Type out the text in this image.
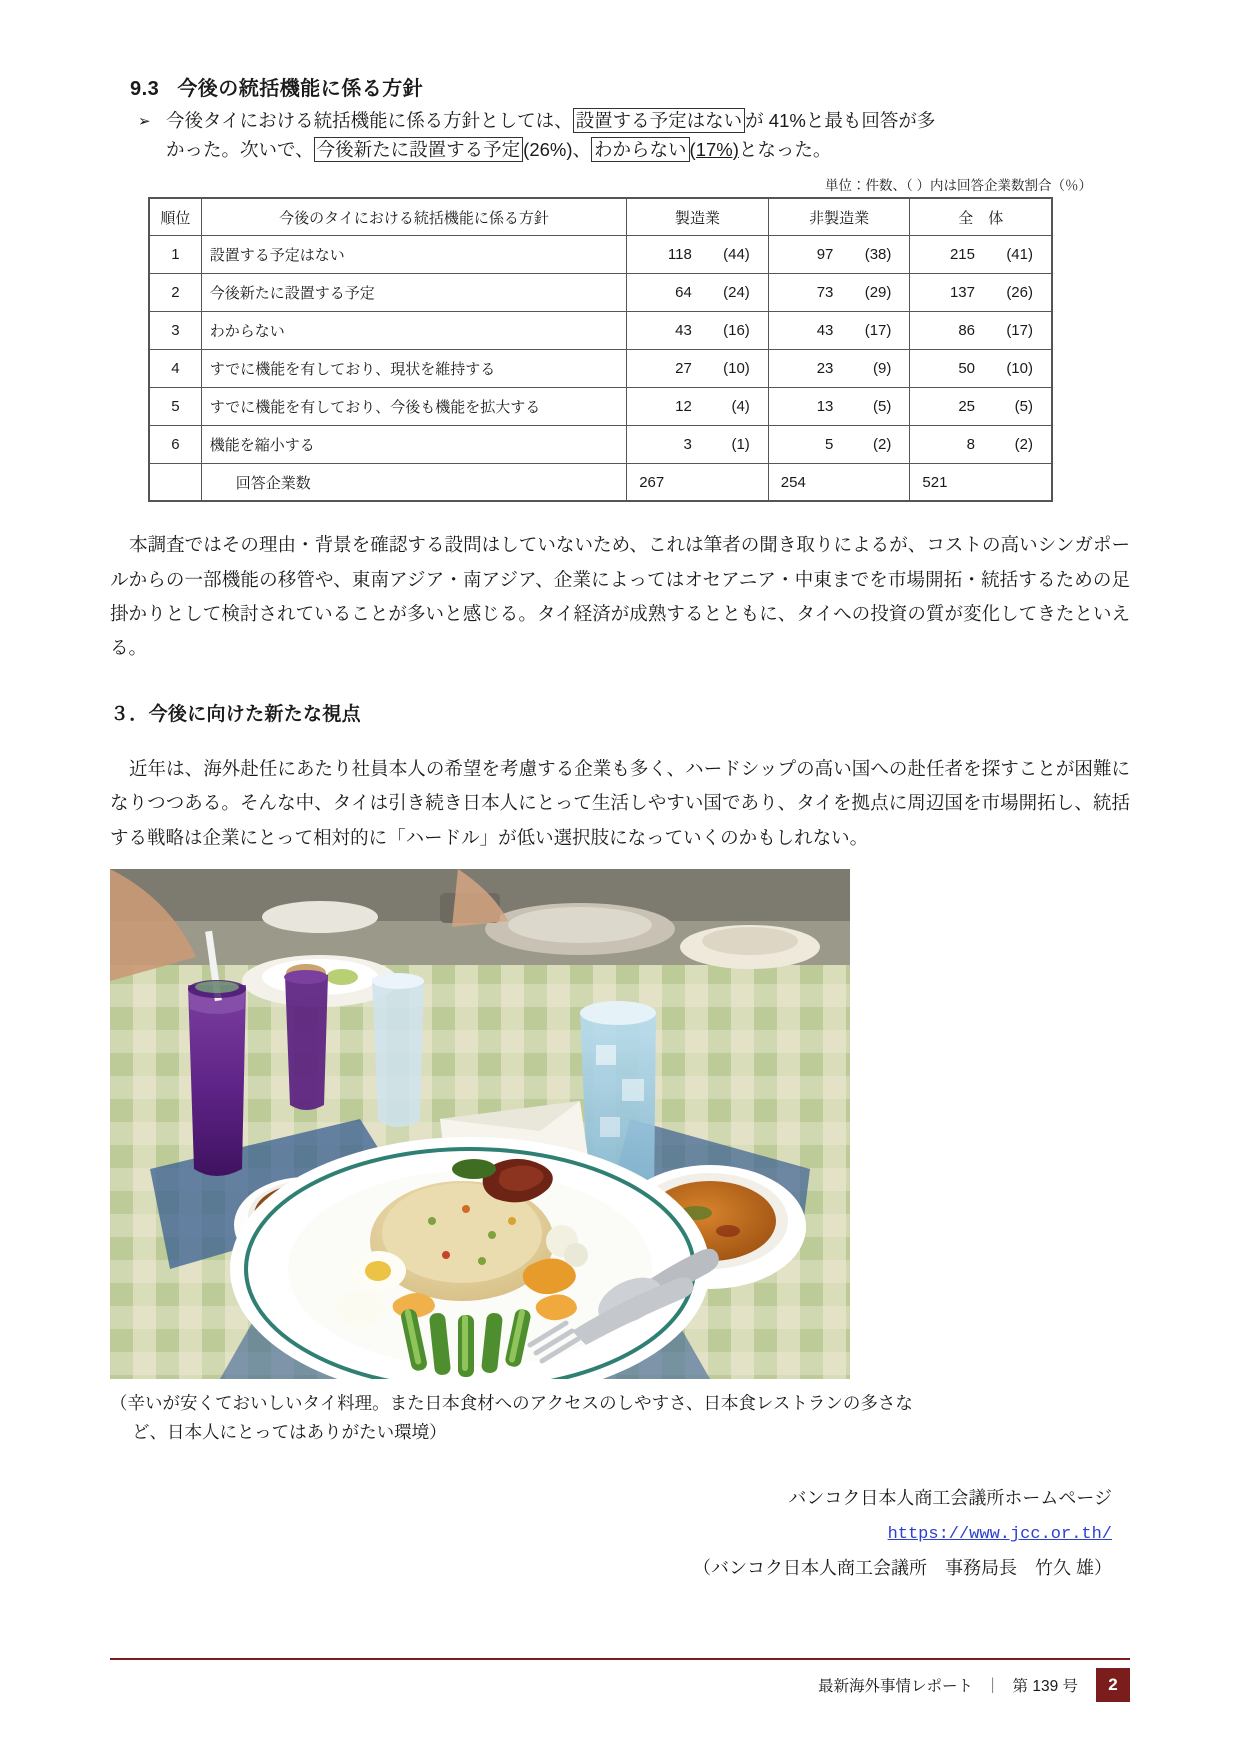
9.3 今後の統括機能に係る方針
➢ 今後タイにおける統括機能に係る方針としては、 設置する予定はない が 41%と最も回答が多 かった。次いで、 今後新たに設置する予定 (26%)、 わからない (17%)となった。
単位：件数、（ ）内は回答企業数割合（％）
順位	今後のタイにおける統括機能に係る方針	製造業	非製造業	全　体
1	設置する予定はない	118 (44)	97 (38)	215 (41)

2	今後新たに設置する予定	64 (24)	73 (29)	137 (26)

3	わからない	43 (16)	43 (17)	86 (17)

4	すでに機能を有しており、現状を維持する	27 (10)	23 (9)	50 (10)

5	すでに機能を有しており、今後も機能を拡大する	12 (4)	13 (5)	25 (5)

6	機能を縮小する	3 (1)	5 (2)	8 (2)

	回答企業数	267	254	521

本調査ではその理由・背景を確認する設問はしていないため、これは筆者の聞き取りによるが、コストの高いシンガポールからの一部機能の移管や、東南アジア・南アジア、企業によってはオセアニア・中東までを市場開拓・統括するための足掛かりとして検討されていることが多いと感じる。タイ経済が成熟するとともに、タイへの投資の質が変化してきたといえる。

３．今後に向けた新たな視点

近年は、海外赴任にあたり社員本人の希望を考慮する企業も多く、ハードシップの高い国への赴任者を探すことが困難になりつつある。そんな中、タイは引き続き日本人にとって生活しやすい国であり、タイを拠点に周辺国を市場開拓し、統括する戦略は企業にとって相対的に「ハードル」が低い選択肢になっていくのかもしれない。

（辛いが安くておいしいタイ料理。また日本食材へのアクセスのしやすさ、日本食レストランの多さな
ど、日本人にとってはありがたい環境）
バンコク日本人商工会議所ホームページ
https://www.jcc.or.th/
（バンコク日本人商工会議所　事務局長　竹久 雄）
最新海外事情レポート ｜ 第 139 号	2
